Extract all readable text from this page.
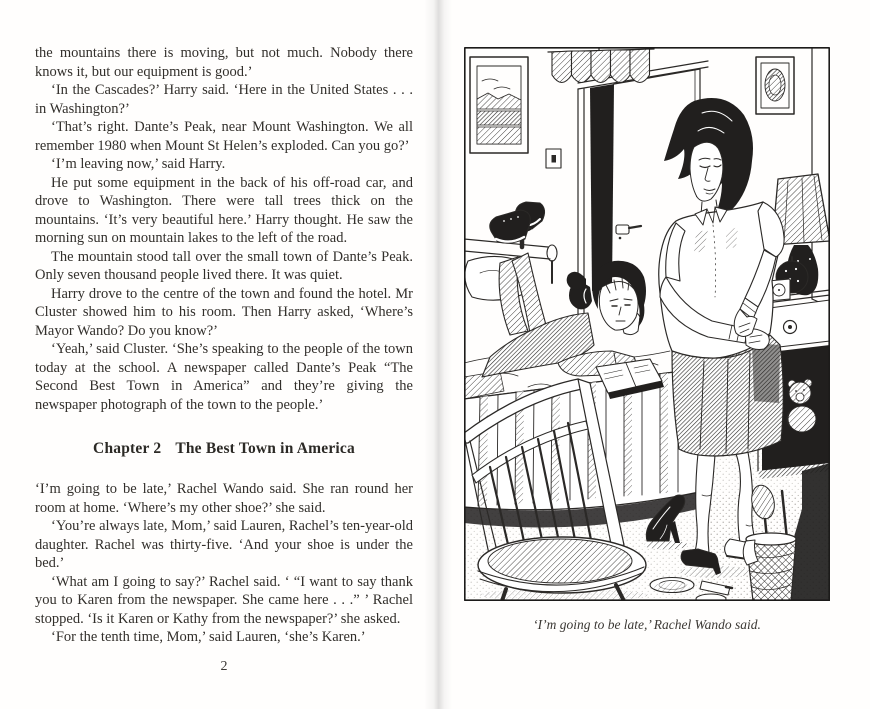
the mountains there is moving, but not much. Nobody there knows it, but our equipment is good.’

‘In the Cascades?’ Harry said. ‘Here in the United States . . . in Washington?’

‘That’s right. Dante’s Peak, near Mount Washington. We all remember 1980 when Mount St Helen’s exploded. Can you go?’

‘I’m leaving now,’ said Harry.

He put some equipment in the back of his off-road car, and drove to Washington. There were tall trees thick on the mountains. ‘It’s very beautiful here.’ Harry thought. He saw the morning sun on mountain lakes to the left of the road.

The mountain stood tall over the small town of Dante’s Peak. Only seven thousand people lived there. It was quiet.

Harry drove to the centre of the town and found the hotel. Mr Cluster showed him to his room. Then Harry asked, ‘Where’s Mayor Wando? Do you know?’

‘Yeah,’ said Cluster. ‘She’s speaking to the people of the town today at the school. A newspaper called Dante’s Peak “The Second Best Town in America” and they’re giving the newspaper photograph of the town to the people.’

Chapter 2 The Best Town in America

‘I’m going to be late,’ Rachel Wando said. She ran round her room at home. ‘Where’s my other shoe?’ she said.

‘You’re always late, Mom,’ said Lauren, Rachel’s ten-year-old daughter. Rachel was thirty-five. ‘And your shoe is under the bed.’

‘What am I going to say?’ Rachel said. ‘ “I want to say thank you to Karen from the newspaper. She came here . . .” ’ Rachel stopped. ‘Is it Karen or Kathy from the newspaper?’ she asked.

‘For the tenth time, Mom,’ said Lauren, ‘she’s Karen.’

2
‘I’m going to be late,’ Rachel Wando said.
